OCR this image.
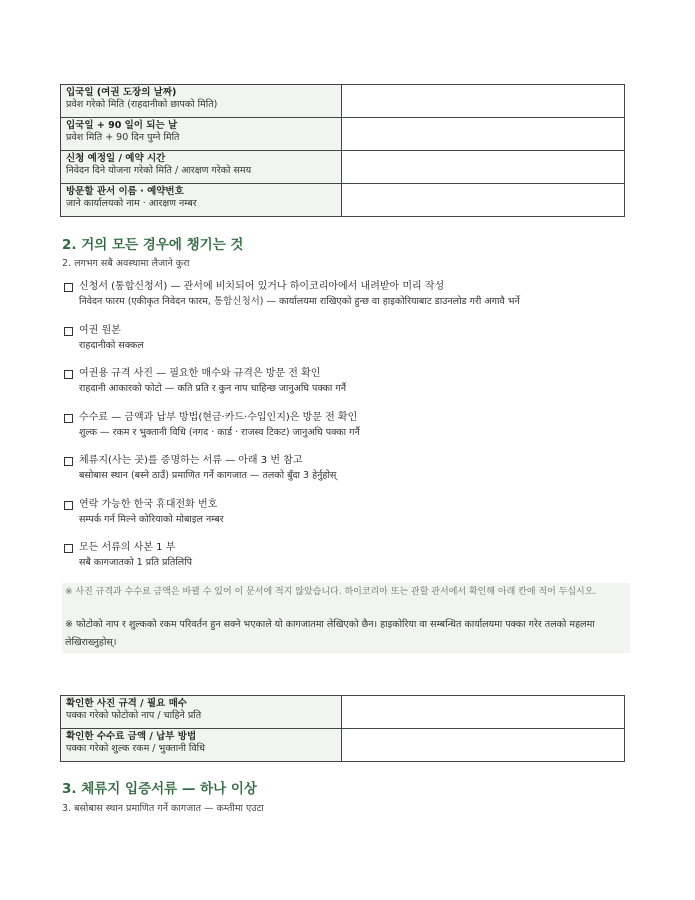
입국일 (여권 도장의 날짜)
प्रवेश गरेको मिति (राहदानीको छापको मिति)	

입국일 + 90 일이 되는 날
प्रवेश मिति + 90 दिन पुग्ने मिति	

신청 예정일 / 예약 시간
निवेदन दिने योजना गरेको मिति / आरक्षण गरेको समय	

방문할 관서 이름 · 예약번호
जाने कार्यालयको नाम · आरक्षण नम्बर	

2. 거의 모든 경우에 챙기는 것

2. लगभग सबै अवस्थामा लैजाने कुरा

신청서 (통합신청서) — 관서에 비치되어 있거나 하이코리아에서 내려받아 미리 작성
निवेदन फारम (एकीकृत निवेदन फारम, 통합신청서) — कार्यालयमा राखिएको हुन्छ वा हाइकोरियाबाट डाउनलोड गरी अगावै भर्ने
여권 원본
राहदानीको सक्कल
여권용 규격 사진 — 필요한 매수와 규격은 방문 전 확인
राहदानी आकारको फोटो — कति प्रति र कुन नाप चाहिन्छ जानुअघि पक्का गर्नै
수수료 — 금액과 납부 방법(현금·카드·수입인지)은 방문 전 확인
शुल्क — रकम र भुक्तानी विधि (नगद · कार्ड · राजस्व टिकट) जानुअघि पक्का गर्नै
체류지(사는 곳)를 증명하는 서류 — 아래 3 번 참고
बसोबास स्थान (बस्ने ठाउँ) प्रमाणित गर्ने कागजात — तलको बुँदा 3 हेर्नुहोस्
연락 가능한 한국 휴대전화 번호
सम्पर्क गर्न मिल्ने कोरियाको मोबाइल नम्बर
모든 서류의 사본 1 부
सबै कागजातको 1 प्रति प्रतिलिपि

※ 사진 규격과 수수료 금액은 바뀔 수 있어 이 문서에 적지 않았습니다. 하이코리아 또는 관할 관서에서 확인해 아래 칸에 적어 두십시오.

※ फोटोको नाप र शुल्कको रकम परिवर्तन हुन सक्ने भएकाले यो कागजातमा लेखिएको छैन। हाइकोरिया वा सम्बन्धित कार्यालयमा पक्का गरेर तलको महलमा लेखिराख्नुहोस्।

확인한 사진 규격 / 필요 매수
पक्का गरेको फोटोको नाप / चाहिने प्रति	

확인한 수수료 금액 / 납부 방법
पक्का गरेको शुल्क रकम / भुक्तानी विधि	

3. 체류지 입증서류 — 하나 이상

3. बसोबास स्थान प्रमाणित गर्ने कागजात — कम्तीमा एउटा
